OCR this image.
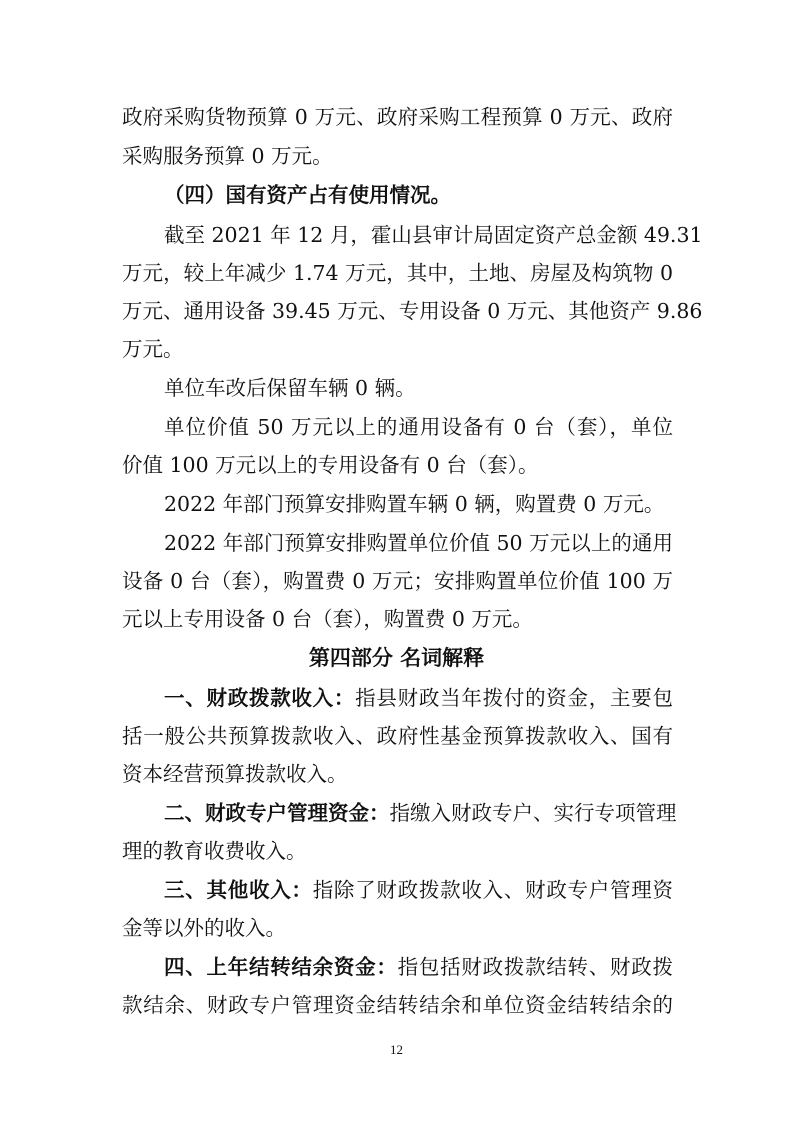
政府采购货物预算 0 万元、政府采购工程预算 0 万元、政府
采购服务预算 0 万元。
（四）国有资产占有使用情况。
截至 2021 年 12 月，霍山县审计局固定资产总金额 49.31
万元，较上年减少 1.74 万元，其中，土地、房屋及构筑物 0
万元、通用设备 39.45 万元、专用设备 0 万元、其他资产 9.86
万元。
单位车改后保留车辆 0 辆。
单位价值 50 万元以上的通用设备有 0 台（套），单位
价值 100 万元以上的专用设备有 0 台（套）。
2022 年部门预算安排购置车辆 0 辆，购置费 0 万元。
2022 年部门预算安排购置单位价值 50 万元以上的通用
设备 0 台（套），购置费 0 万元；安排购置单位价值 100 万
元以上专用设备 0 台（套），购置费 0 万元。
第四部分 名词解释
一、财政拨款收入：指县财政当年拨付的资金，主要包
括一般公共预算拨款收入、政府性基金预算拨款收入、国有
资本经营预算拨款收入。
二、财政专户管理资金：指缴入财政专户、实行专项管理
理的教育收费收入。
三、其他收入：指除了财政拨款收入、财政专户管理资
金等以外的收入。
四、上年结转结余资金：指包括财政拨款结转、财政拨
款结余、财政专户管理资金结转结余和单位资金结转结余的
12
